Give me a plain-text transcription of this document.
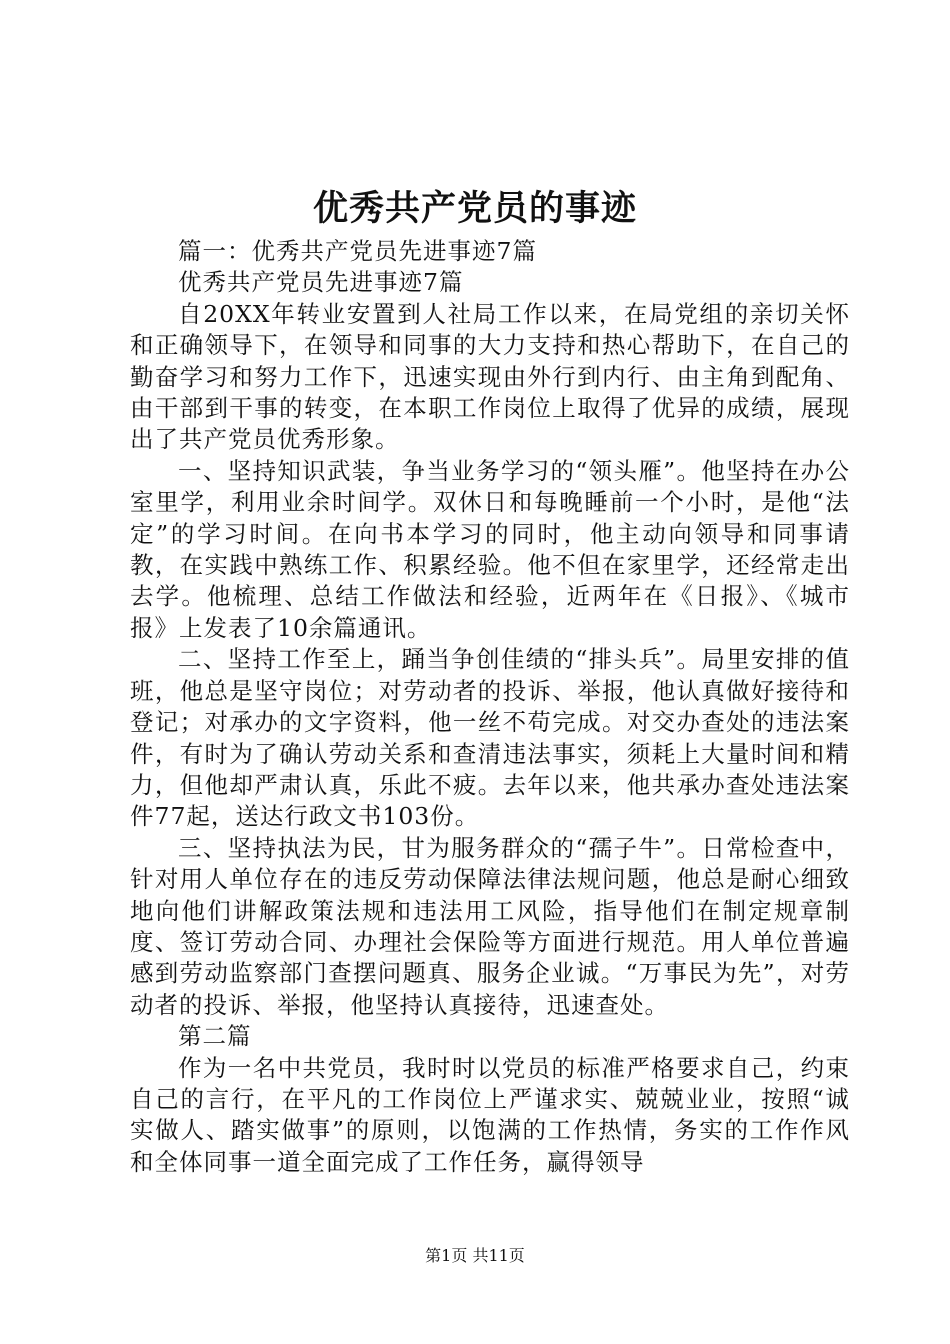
优秀共产党员的事迹

篇一：优秀共产党员先进事迹7篇

优秀共产党员先进事迹7篇

自20XX年转业安置到人社局工作以来，在局党组的亲切关怀和正确领导下，在领导和同事的大力支持和热心帮助下，在自己的勤奋学习和努力工作下，迅速实现由外行到内行、由主角到配角、由干部到干事的转变，在本职工作岗位上取得了优异的成绩，展现出了共产党员优秀形象。

一、坚持知识武装，争当业务学习的“领头雁”。他坚持在办公室里学，利用业余时间学。双休日和每晚睡前一个小时，是他“法定”的学习时间。在向书本学习的同时，他主动向领导和同事请教，在实践中熟练工作、积累经验。他不但在家里学，还经常走出去学。他梳理、总结工作做法和经验，近两年在《日报》、《城市报》上发表了10余篇通讯。

二、坚持工作至上，踊当争创佳绩的“排头兵”。局里安排的值班，他总是坚守岗位；对劳动者的投诉、举报，他认真做好接待和登记；对承办的文字资料，他一丝不苟完成。对交办查处的违法案件，有时为了确认劳动关系和查清违法事实，须耗上大量时间和精力，但他却严肃认真，乐此不疲。去年以来，他共承办查处违法案件77起，送达行政文书103份。

三、坚持执法为民，甘为服务群众的“孺子牛”。日常检查中，针对用人单位存在的违反劳动保障法律法规问题，他总是耐心细致地向他们讲解政策法规和违法用工风险，指导他们在制定规章制度、签订劳动合同、办理社会保险等方面进行规范。用人单位普遍感到劳动监察部门查摆问题真、服务企业诚。“万事民为先”，对劳动者的投诉、举报，他坚持认真接待，迅速查处。

第二篇

作为一名中共党员，我时时以党员的标准严格要求自己，约束自己的言行，在平凡的工作岗位上严谨求实、兢兢业业，按照“诚实做人、踏实做事”的原则，以饱满的工作热情，务实的工作作风和全体同事一道全面完成了工作任务，赢得领导

第1页 共11页
